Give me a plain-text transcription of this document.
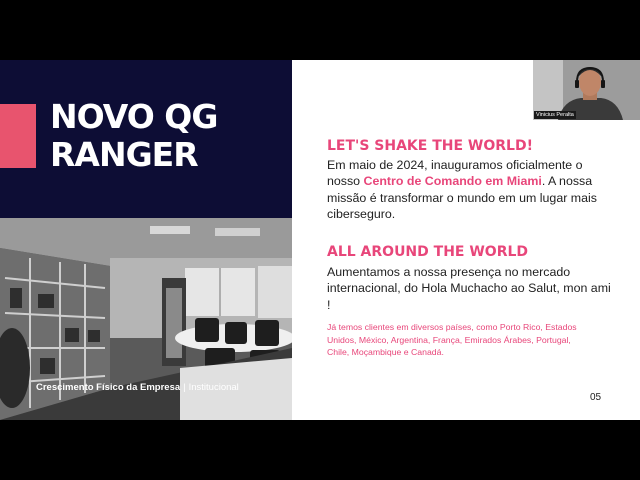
NOVO QG
RANGER
Crescimento Físico da Empresa | Institucional
LET'S SHAKE THE WORLD!
Em maio de 2024, inauguramos oficialmente o nosso Centro de Comando em Miami. A nossa missão é transformar o mundo em um lugar mais ciberseguro.
ALL AROUND THE WORLD
Aumentamos a nossa presença no mercado internacional, do Hola Muchacho ao Salut, mon ami !
Já temos clientes em diversos países, como Porto Rico, Estados Unidos, México, Argentina, França, Emirados Árabes, Portugal, Chile, Moçambique e Canadá.
05
Vinicius Peralta
